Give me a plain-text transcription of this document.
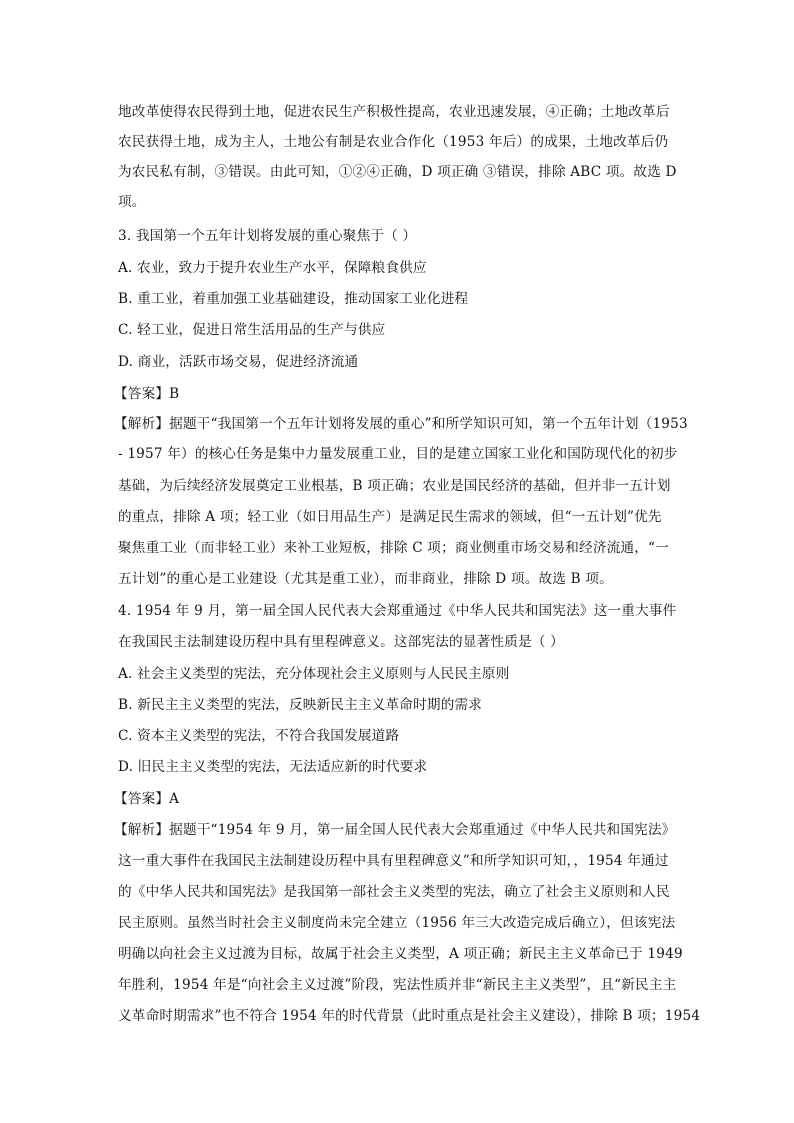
地改革使得农民得到土地，促进农民生产积极性提高，农业迅速发展，④正确；土地改革后
农民获得土地，成为主人，土地公有制是农业合作化（1953 年后）的成果，土地改革后仍
为农民私有制，③错误。由此可知，①②④正确，D 项正确 ③错误，排除 ABC 项。故选 D
项。
3. 我国第一个五年计划将发展的重心聚焦于（ ）
A. 农业，致力于提升农业生产水平，保障粮食供应
B. 重工业，着重加强工业基础建设，推动国家工业化进程
C. 轻工业，促进日常生活用品的生产与供应
D. 商业，活跃市场交易，促进经济流通
【答案】B
【解析】据题干“我国第一个五年计划将发展的重心”和所学知识可知，第一个五年计划（1953
- 1957 年）的核心任务是集中力量发展重工业，目的是建立国家工业化和国防现代化的初步
基础，为后续经济发展奠定工业根基，B 项正确；农业是国民经济的基础，但并非一五计划
的重点，排除 A 项；轻工业（如日用品生产）是满足民生需求的领域，但“一五计划”优先
聚焦重工业（而非轻工业）来补工业短板，排除 C 项；商业侧重市场交易和经济流通，“一
五计划”的重心是工业建设（尤其是重工业），而非商业，排除 D 项。故选 B 项。
4. 1954 年 9 月，第一届全国人民代表大会郑重通过《中华人民共和国宪法》这一重大事件
在我国民主法制建设历程中具有里程碑意义。这部宪法的显著性质是（ ）
A. 社会主义类型的宪法，充分体现社会主义原则与人民民主原则
B. 新民主主义类型的宪法，反映新民主主义革命时期的需求
C. 资本主义类型的宪法，不符合我国发展道路
D. 旧民主主义类型的宪法，无法适应新的时代要求
【答案】A
【解析】据题干“1954 年 9 月，第一届全国人民代表大会郑重通过《中华人民共和国宪法》
这一重大事件在我国民主法制建设历程中具有里程碑意义”和所学知识可知，，1954 年通过
的《中华人民共和国宪法》是我国第一部社会主义类型的宪法，确立了社会主义原则和人民
民主原则。虽然当时社会主义制度尚未完全建立（1956 年三大改造完成后确立），但该宪法
明确以向社会主义过渡为目标，故属于社会主义类型，A 项正确；新民主主义革命已于 1949
年胜利，1954 年是“向社会主义过渡”阶段，宪法性质并非“新民主主义类型”，且“新民主主
义革命时期需求”也不符合 1954 年的时代背景（此时重点是社会主义建设），排除 B 项；1954
